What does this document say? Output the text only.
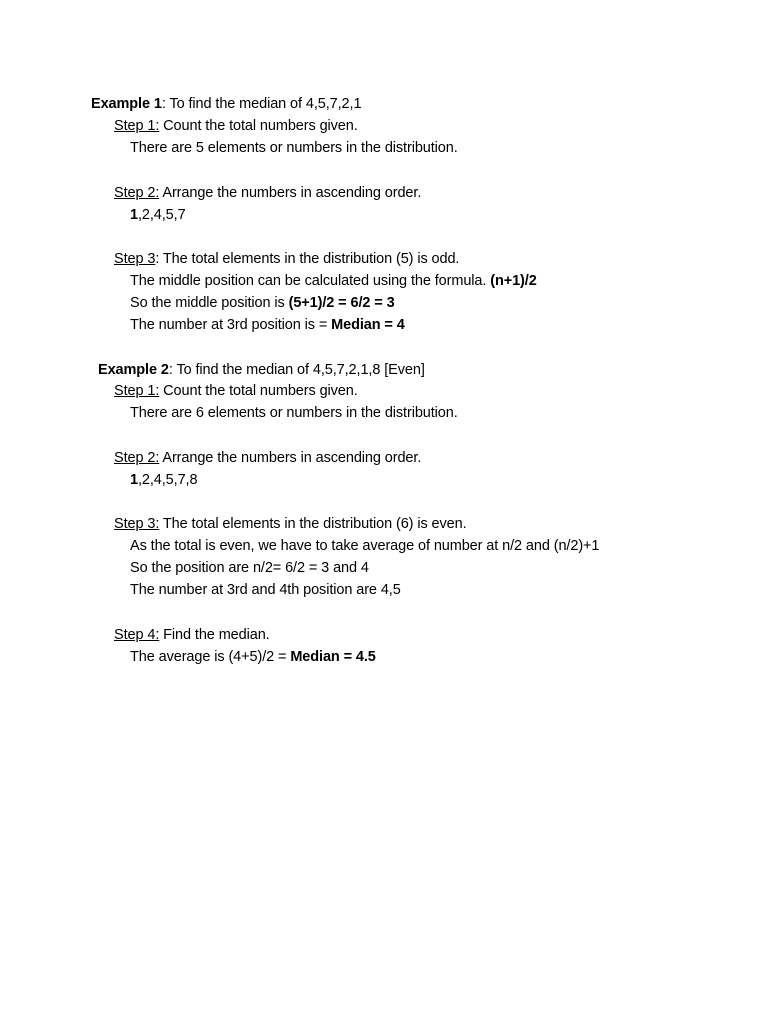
Example 1: To find the median of 4,5,7,2,1
Step 1: Count the total numbers given.
There are 5 elements or numbers in the distribution.
Step 2: Arrange the numbers in ascending order.
1,2,4,5,7
Step 3: The total elements in the distribution (5) is odd.
The middle position can be calculated using the formula. (n+1)/2
So the middle position is (5+1)/2 = 6/2 = 3
The number at 3rd position is = Median = 4
Example 2: To find the median of 4,5,7,2,1,8 [Even]
Step 1: Count the total numbers given.
There are 6 elements or numbers in the distribution.
Step 2: Arrange the numbers in ascending order.
1,2,4,5,7,8
Step 3: The total elements in the distribution (6) is even.
As the total is even, we have to take average of number at n/2 and (n/2)+1
So the position are n/2= 6/2 = 3 and 4
The number at 3rd and 4th position are 4,5
Step 4: Find the median.
The average is (4+5)/2 = Median = 4.5
